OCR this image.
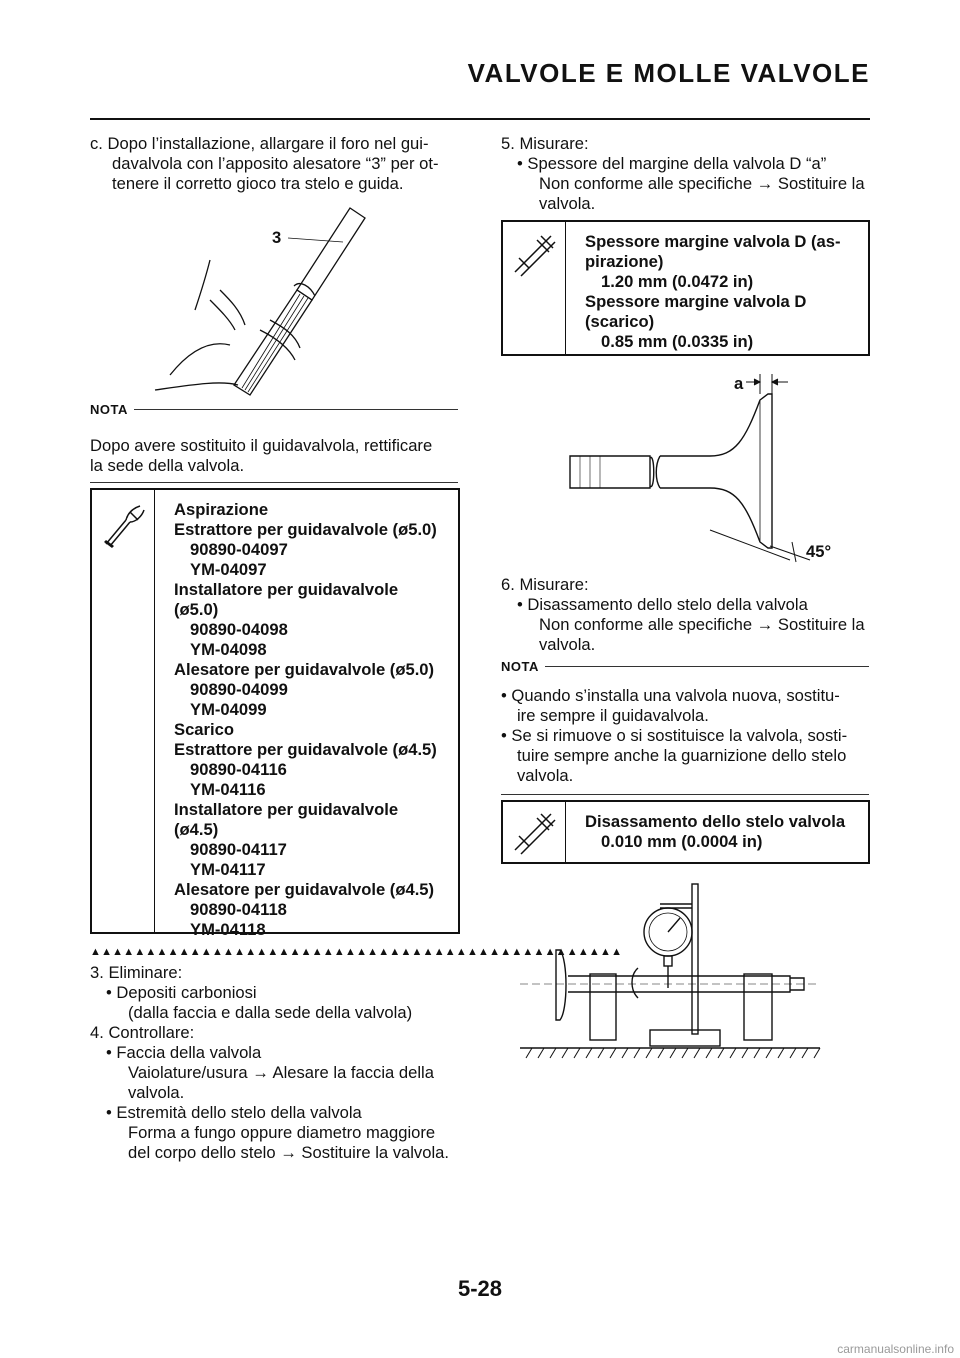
VALVOLE E MOLLE VALVOLE
c. Dopo l’installazione, allargare il foro nel gui-
davalvola con l’apposito alesatore “3” per ot-
tenere il corretto gioco tra stelo e guida.
3
NOTA
Dopo avere sostituito il guidavalvola, rettificare
la sede della valvola.
Aspirazione
Estrattore per guidavalvole (ø5.0)
90890-04097
YM-04097
Installatore per guidavalvole
(ø5.0)
90890-04098
YM-04098
Alesatore per guidavalvole (ø5.0)
90890-04099
YM-04099
Scarico
Estrattore per guidavalvole (ø4.5)
90890-04116
YM-04116
Installatore per guidavalvole
(ø4.5)
90890-04117
YM-04117
Alesatore per guidavalvole (ø4.5)
90890-04118
YM-04118
▲▲▲▲▲▲▲▲▲▲▲▲▲▲▲▲▲▲▲▲▲▲▲▲▲▲▲▲▲▲▲▲▲▲▲▲▲▲▲▲▲▲▲▲▲▲▲▲
3. Eliminare:
• Depositi carboniosi
(dalla faccia e dalla sede della valvola)
4. Controllare:
• Faccia della valvola
Vaiolature/usura → Alesare la faccia della
valvola.
• Estremità dello stelo della valvola
Forma a fungo oppure diametro maggiore
del corpo dello stelo → Sostituire la valvola.
5. Misurare:
• Spessore del margine della valvola D “a”
Non conforme alle specifiche → Sostituire la
valvola.
Spessore margine valvola D (as-
pirazione)
1.20 mm (0.0472 in)
Spessore margine valvola D
(scarico)
0.85 mm (0.0335 in)
a
45°
6. Misurare:
• Disassamento dello stelo della valvola
Non conforme alle specifiche → Sostituire la
valvola.
NOTA
• Quando s’installa una valvola nuova, sostitu-
ire sempre il guidavalvola.
• Se si rimuove o si sostituisce la valvola, sosti-
tuire sempre anche la guarnizione dello stelo
valvola.
Disassamento dello stelo valvola
0.010 mm (0.0004 in)
5-28
carmanualsonline.info
